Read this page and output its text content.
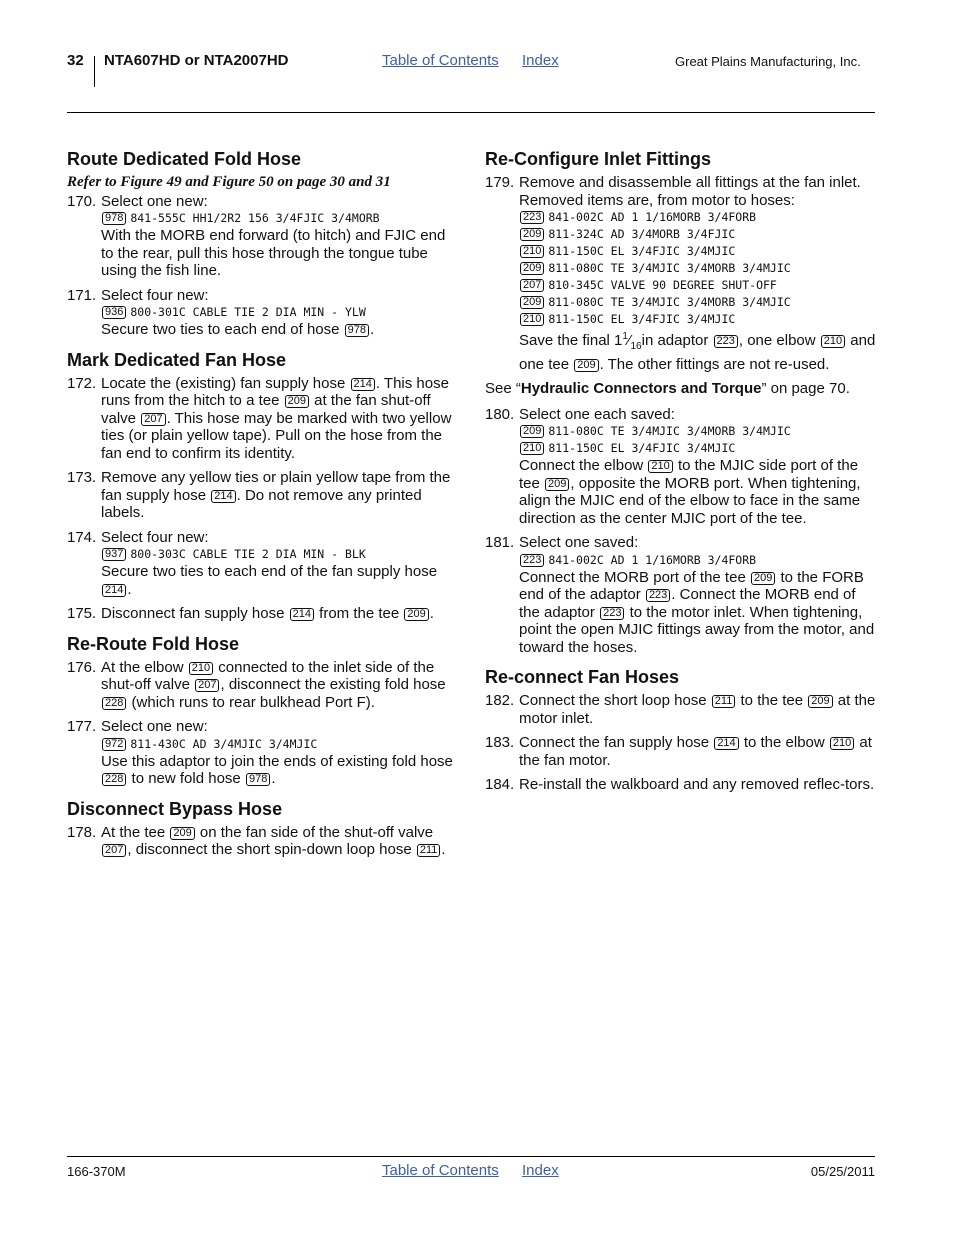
32 NTA607HD or NTA2007HD	Table of Contents Index	Great Plains Manufacturing, Inc.
Route Dedicated Fold Hose
Refer to Figure 49 and Figure 50 on page 30 and 31
170. Select one new:
978 841-555C HH1/2R2 156 3/4FJIC 3/4MORB
With the MORB end forward (to hitch) and FJIC end to the rear, pull this hose through the tongue tube using the fish line.
171. Select four new:
936 800-301C CABLE TIE 2 DIA MIN - YLW
Secure two ties to each end of hose 978 .
Mark Dedicated Fan Hose
172. Locate the (existing) fan supply hose 214 . This hose runs from the hitch to a tee 209 at the fan shut-off valve 207 . This hose may be marked with two yellow ties (or plain yellow tape). Pull on the hose from the fan end to confirm its identity.
173. Remove any yellow ties or plain yellow tape from the fan supply hose 214 . Do not remove any printed labels.
174. Select four new:
937 800-303C CABLE TIE 2 DIA MIN - BLK
Secure two ties to each end of the fan supply hose 214 .
175. Disconnect fan supply hose 214 from the tee 209 .
Re-Route Fold Hose
176. At the elbow 210 connected to the inlet side of the shut-off valve 207 , disconnect the existing fold hose 228 (which runs to rear bulkhead Port F).
177. Select one new:
972 811-430C AD 3/4MJIC 3/4MJIC
Use this adaptor to join the ends of existing fold hose 228 to new fold hose 978 .
Disconnect Bypass Hose
178. At the tee 209 on the fan side of the shut-off valve 207 , disconnect the short spin-down loop hose 211 .
Re-Configure Inlet Fittings
179. Remove and disassemble all fittings at the fan inlet. Removed items are, from motor to hoses:
223 841-002C AD 1 1/16MORB 3/4FORB
209 811-324C AD 3/4MORB 3/4FJIC
210 811-150C EL 3/4FJIC 3/4MJIC
209 811-080C TE 3/4MJIC 3/4MORB 3/4MJIC
207 810-345C VALVE 90 DEGREE SHUT-OFF
209 811-080C TE 3/4MJIC 3/4MORB 3/4MJIC
210 811-150C EL 3/4FJIC 3/4MJIC
Save the final $1^1⁄_{16}in$ adaptor 223 , one elbow 210 and one tee 209 . The other fittings are not re-used.
See “Hydraulic Connectors and Torque” on page 70.
180. Select one each saved:
209 811-080C TE 3/4MJIC 3/4MORB 3/4MJIC
210 811-150C EL 3/4FJIC 3/4MJIC
Connect the elbow 210 to the MJIC side port of the tee 209 , opposite the MORB port. When tightening, align the MJIC end of the elbow to face in the same direction as the center MJIC port of the tee.
181. Select one saved:
223 841-002C AD 1 1/16MORB 3/4FORB
Connect the MORB port of the tee 209 to the FORB end of the adaptor 223 . Connect the MORB end of the adaptor 223 to the motor inlet. When tightening, point the open MJIC fittings away from the motor, and toward the hoses.
Re-connect Fan Hoses
182. Connect the short loop hose 211 to the tee 209 at the motor inlet.
183. Connect the fan supply hose 214 to the elbow 210 at the fan motor.
184. Re-install the walkboard and any removed reflec-tors.
166-370M	Table of Contents Index	05/25/2011
